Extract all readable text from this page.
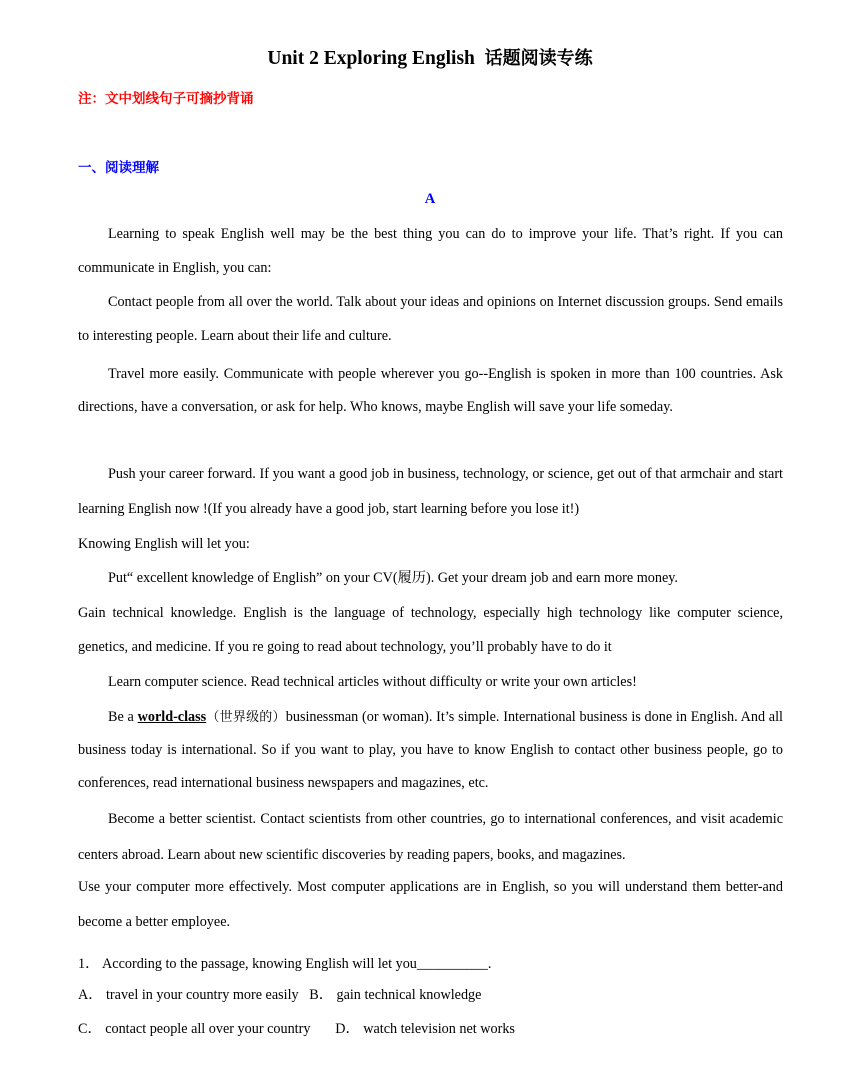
Unit 2 Exploring English 话题阅读专练
注：文中划线句子可摘抄背诵
一、阅读理解
A
Learning to speak English well may be the best thing you can do to improve your life. That’s right. If you can communicate in English, you can:
Contact people from all over the world. Talk about your ideas and opinions on Internet discussion groups. Send emails to interesting people. Learn about their life and culture.
Travel more easily. Communicate with people wherever you go--English is spoken in more than 100 countries. Ask directions, have a conversation, or ask for help. Who knows, maybe English will save your life someday.
Push your career forward. If you want a good job in business, technology, or science, get out of that armchair and start learning English now !(If you already have a good job, start learning before you lose it!)
Knowing English will let you:
Put“ excellent knowledge of English” on your CV(履历). Get your dream job and earn more money.
Gain technical knowledge. English is the language of technology, especially high technology like computer science, genetics, and medicine. If you re going to read about technology, you’ll probably have to do it
Learn computer science. Read technical articles without difficulty or write your own articles!
Be a world-class（世界级的）businessman (or woman). It’s simple. International business is done in English. And all business today is international. So if you want to play, you have to know English to contact other business people, go to conferences, read international business newspapers and magazines, etc.
Become a better scientist. Contact scientists from other countries, go to international conferences, and visit academic centers abroad. Learn about new scientific discoveries by reading papers, books, and magazines.
Use your computer more effectively. Most computer applications are in English, so you will understand them better-and become a better employee.
1． According to the passage, knowing English will let you__________.
A． travel in your country more easily B． gain technical knowledge
C． contact people all over your country D． watch television net works
